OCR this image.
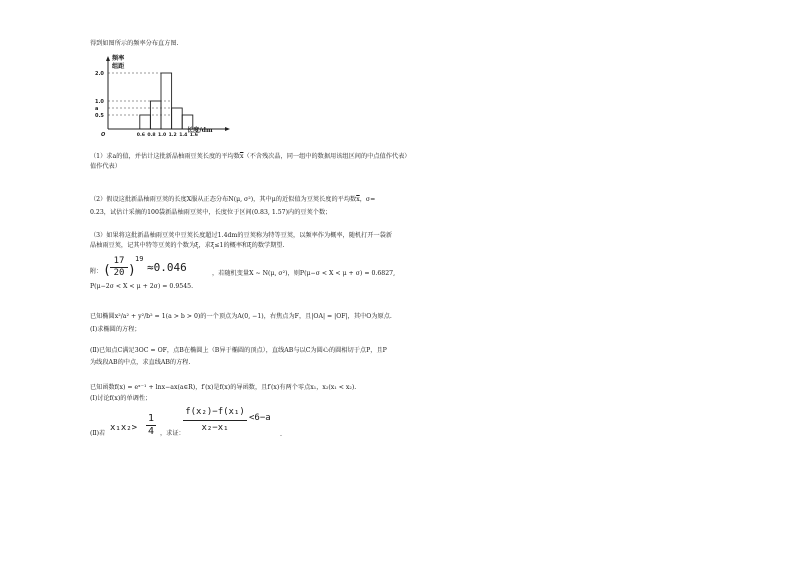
得到如图所示的频率分布直方图.
2.0
1.0
a
0.5
O	0.6 0.8 1.0 1.2 1.4 1.6
频率
组距
长度/dm
（1）求a的值，并估计这批新晶柚雨豆荚长度的平均数$\overline{x}$（不含残次晶，同一组中的数据用该组区间的中点值作代表）
值作代表）
（2）假设这批新晶柚雨豆荚的长度X服从正态分布N(μ, σ²)，其中μ的近似值为豆荚长度的平均数$\overline{x}$，σ=
0.23，试估计采摘的100袋新晶柚雨豆荚中，长度位于区间(0.83, 1.57)内的豆荚个数；
（3）如果将这批新晶柚雨豆荚中豆荚长度超过1.4dm的豆荚称为特等豆荚，以频率作为概率，随机打开一袋新
晶柚雨豆荚，记其中特等豆荚的个数为ξ，求ξ≤1的概率和ξ的数学期望.
附： (
17
20 )
19
≈0.046	，若随机变量X ~ N(μ, σ²)，则P(μ−σ < X < μ + σ) = 0.6827,
P(μ−2σ < X < μ + 2σ) = 0.9545.
已知椭圆x²/a² + y²/b² = 1(a > b > 0)的一个顶点为A(0, −1)，右焦点为F，且|OA| = |OF|，其中O为原点.
(Ⅰ)求椭圆的方程；
(Ⅱ)已知点C满足3OC = OF，点B在椭圆上（B异于椭圆的顶点），直线AB与以C为圆心的圆相切于点P，且P
为线段AB的中点，求直线AB的方程.
已知函数f(x) = eˣ⁻¹ + lnx−ax(a∈R)，f′(x)是f(x)的导函数，且f′(x)有两个零点x₁，x₂(x₁ < x₂).
(Ⅰ)讨论f(x)的单调性；
(Ⅱ)若
x₁x₂>
1
4 ，求证：
f(x₂)−f(x₁)
x₂−x₁
<6−a
.
